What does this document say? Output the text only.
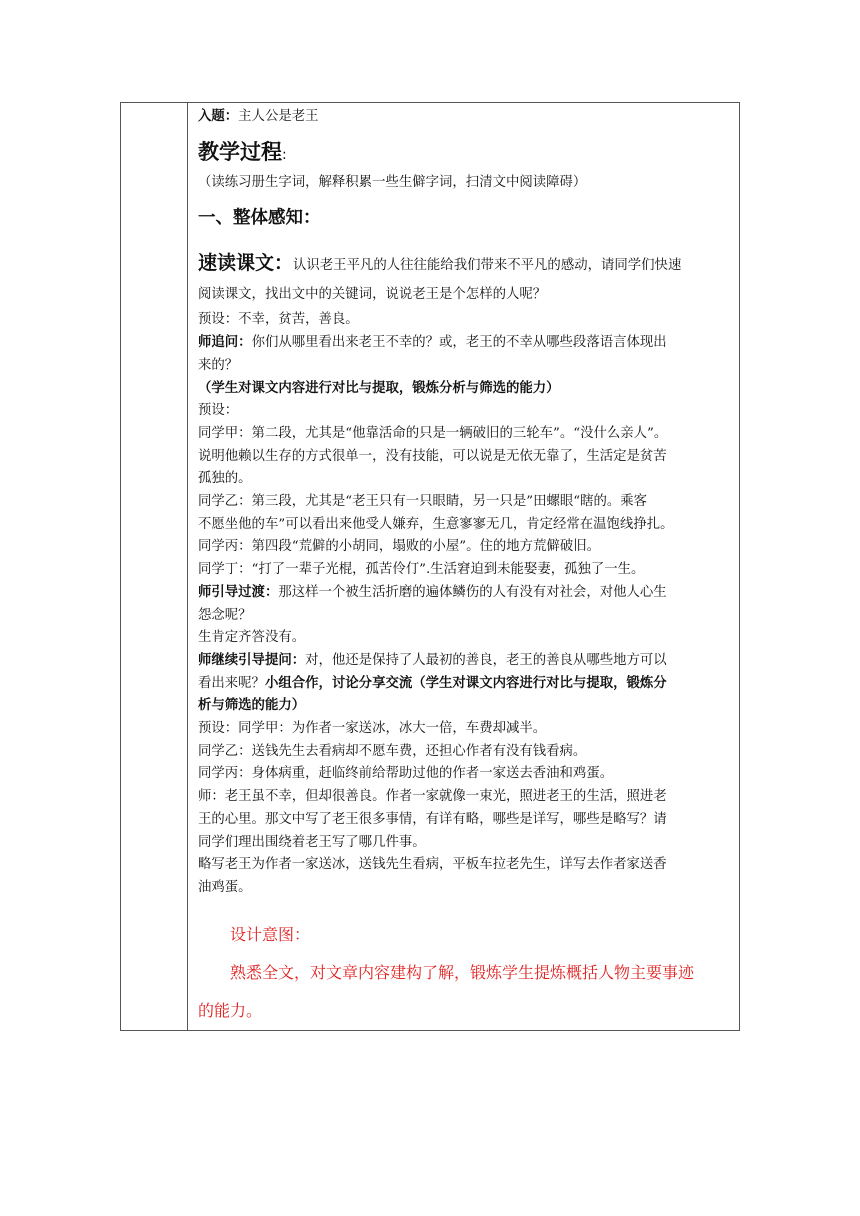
入题：主人公是老王

教学过程:

（读练习册生字词，解释积累一些生僻字词，扫清文中阅读障碍）

一、整体感知：

速读课文：认识老王平凡的人往往能给我们带来不平凡的感动，请同学们快速

阅读课文，找出文中的关键词，说说老王是个怎样的人呢？

预设：不幸，贫苦，善良。

师追问：你们从哪里看出来老王不幸的？或，老王的不幸从哪些段落语言体现出

来的？

（学生对课文内容进行对比与提取，锻炼分析与筛选的能力）

预设：

同学甲：第二段，尤其是“他靠活命的只是一辆破旧的三轮车”。“没什么亲人”。

说明他赖以生存的方式很单一，没有技能，可以说是无依无靠了，生活定是贫苦

孤独的。

同学乙：第三段，尤其是“老王只有一只眼睛，另一只是”田螺眼“瞎的。乘客

不愿坐他的车”可以看出来他受人嫌弃，生意寥寥无几，肯定经常在温饱线挣扎。

同学丙：第四段“荒僻的小胡同，塌败的小屋”。住的地方荒僻破旧。

同学丁：“打了一辈子光棍，孤苦伶仃”.生活窘迫到未能娶妻，孤独了一生。

师引导过渡：那这样一个被生活折磨的遍体鳞伤的人有没有对社会，对他人心生

怨念呢？

生肯定齐答没有。

师继续引导提问：对，他还是保持了人最初的善良，老王的善良从哪些地方可以

看出来呢？小组合作，讨论分享交流（学生对课文内容进行对比与提取，锻炼分

析与筛选的能力）

预设：同学甲：为作者一家送冰，冰大一倍，车费却减半。

同学乙：送钱先生去看病却不愿车费，还担心作者有没有钱看病。

同学丙：身体病重，赶临终前给帮助过他的作者一家送去香油和鸡蛋。

师：老王虽不幸，但却很善良。作者一家就像一束光，照进老王的生活，照进老

王的心里。那文中写了老王很多事情，有详有略，哪些是详写，哪些是略写？请

同学们理出围绕着老王写了哪几件事。

略写老王为作者一家送冰，送钱先生看病，平板车拉老先生，详写去作者家送香

油鸡蛋。

设计意图：

熟悉全文，对文章内容建构了解，锻炼学生提炼概括人物主要事迹

的能力。
